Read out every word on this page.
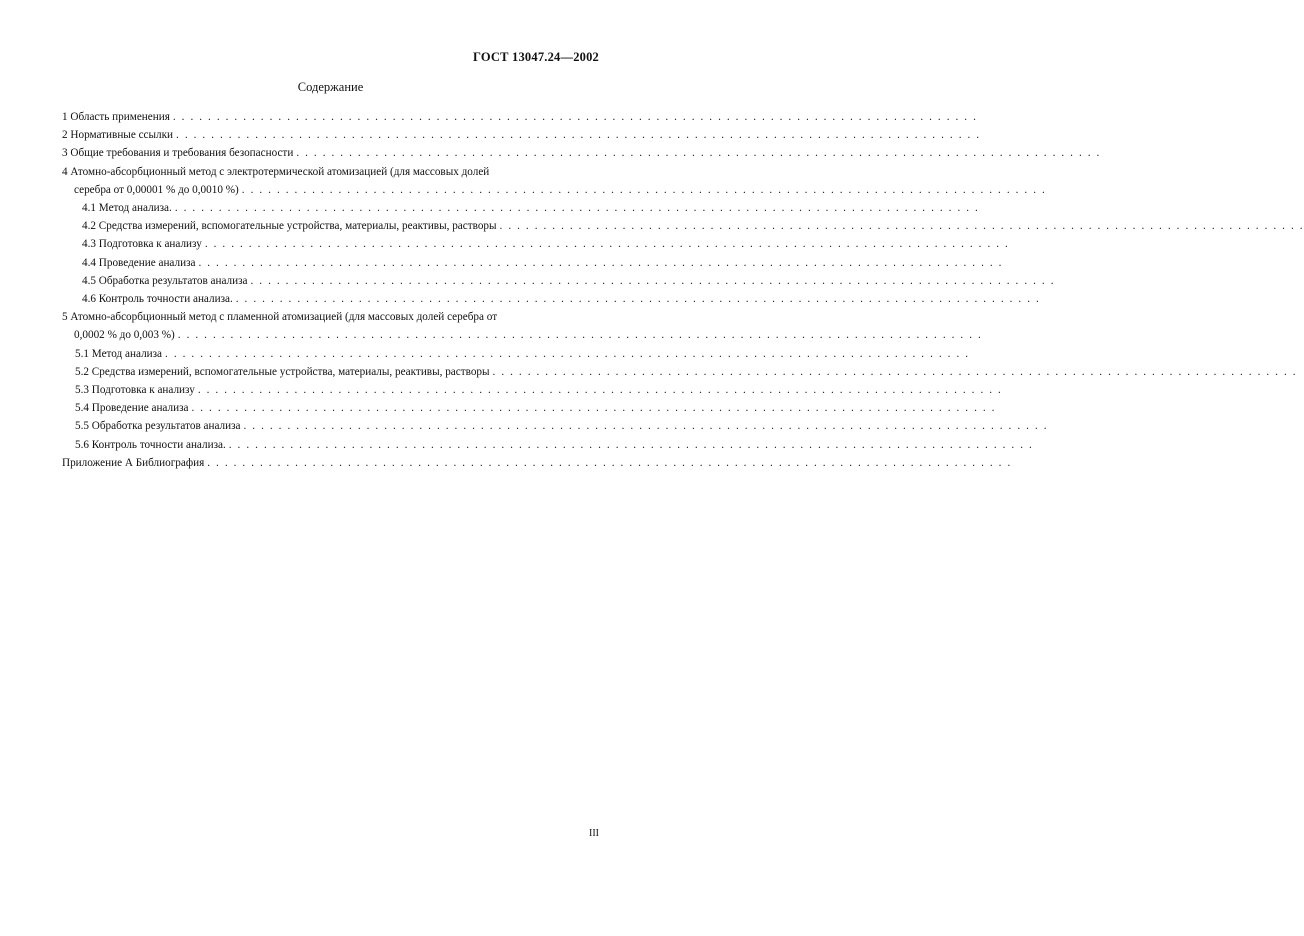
ГОСТ 13047.24—2002
Содержание
1 Область применения . . . . . . . . . . . . . . . . . . . . . . . . . . . . . . . . . . . . . . . . . . . . . . . . . . . . . . . . . . . . . . . . . . . . . . . . . . . . . . . . . . . . . . . . . . . .
2 Нормативные ссылки . . . . . . . . . . . . . . . . . . . . . . . . . . . . . . . . . . . . . . . . . . . . . . . . . . . . . . . . . . . . . . . . . . . . . . . . . . . . . . . . . . . . . . . . . . . .
3 Общие требования и требования безопасности . . . . . . . . . . . . . . . . . . . . . . . . . . . . . . . . . . . . . . . . . . . . . . . . . . . . . . . . . . . . . . . . . . . . . . . . . . . . . . . . . . . . . . . . . . . .
4 Атомно-абсорбционный метод с электротермической атомизацией (для массовых долей
серебра от 0,00001 % до 0,0010 %) . . . . . . . . . . . . . . . . . . . . . . . . . . . . . . . . . . . . . . . . . . . . . . . . . . . . . . . . . . . . . . . . . . . . . . . . . . . . . . . . . . . . . . . . . . . .
4.1 Метод анализа. . . . . . . . . . . . . . . . . . . . . . . . . . . . . . . . . . . . . . . . . . . . . . . . . . . . . . . . . . . . . . . . . . . . . . . . . . . . . . . . . . . . . . . . . . . . .
4.2 Средства измерений, вспомогательные устройства, материалы, реактивы, растворы . . . . . . . . . . . . . . . . . . . . . . . . . . . . . . . . . . . . . . . . . . . . . . . . . . . . . . . . . . . . . . . . . . . . . . . . . . . . . . . . . . . . . . . . . . . .
4.3 Подготовка к анализу . . . . . . . . . . . . . . . . . . . . . . . . . . . . . . . . . . . . . . . . . . . . . . . . . . . . . . . . . . . . . . . . . . . . . . . . . . . . . . . . . . . . . . . . . . . .
4.4 Проведение анализа . . . . . . . . . . . . . . . . . . . . . . . . . . . . . . . . . . . . . . . . . . . . . . . . . . . . . . . . . . . . . . . . . . . . . . . . . . . . . . . . . . . . . . . . . . . .
4.5 Обработка результатов анализа . . . . . . . . . . . . . . . . . . . . . . . . . . . . . . . . . . . . . . . . . . . . . . . . . . . . . . . . . . . . . . . . . . . . . . . . . . . . . . . . . . . . . . . . . . . .
4.6 Контроль точности анализа. . . . . . . . . . . . . . . . . . . . . . . . . . . . . . . . . . . . . . . . . . . . . . . . . . . . . . . . . . . . . . . . . . . . . . . . . . . . . . . . . . . . . . . . . . . . .
5 Атомно-абсорбционный метод с пламенной атомизацией (для массовых долей серебра от
0,0002 % до 0,003 %) . . . . . . . . . . . . . . . . . . . . . . . . . . . . . . . . . . . . . . . . . . . . . . . . . . . . . . . . . . . . . . . . . . . . . . . . . . . . . . . . . . . . . . . . . . . .
5.1 Метод анализа . . . . . . . . . . . . . . . . . . . . . . . . . . . . . . . . . . . . . . . . . . . . . . . . . . . . . . . . . . . . . . . . . . . . . . . . . . . . . . . . . . . . . . . . . . . .
5.2 Средства измерений, вспомогательные устройства, материалы, реактивы, растворы . . . . . . . . . . . . . . . . . . . . . . . . . . . . . . . . . . . . . . . . . . . . . . . . . . . . . . . . . . . . . . . . . . . . . . . . . . . . . . . . . . . . . . . . . . . .
5.3 Подготовка к анализу . . . . . . . . . . . . . . . . . . . . . . . . . . . . . . . . . . . . . . . . . . . . . . . . . . . . . . . . . . . . . . . . . . . . . . . . . . . . . . . . . . . . . . . . . . . .
5.4 Проведение анализа . . . . . . . . . . . . . . . . . . . . . . . . . . . . . . . . . . . . . . . . . . . . . . . . . . . . . . . . . . . . . . . . . . . . . . . . . . . . . . . . . . . . . . . . . . . .
5.5 Обработка результатов анализа . . . . . . . . . . . . . . . . . . . . . . . . . . . . . . . . . . . . . . . . . . . . . . . . . . . . . . . . . . . . . . . . . . . . . . . . . . . . . . . . . . . . . . . . . . . .
5.6 Контроль точности анализа. . . . . . . . . . . . . . . . . . . . . . . . . . . . . . . . . . . . . . . . . . . . . . . . . . . . . . . . . . . . . . . . . . . . . . . . . . . . . . . . . . . . . . . . . . . . .
Приложение А Библиография . . . . . . . . . . . . . . . . . . . . . . . . . . . . . . . . . . . . . . . . . . . . . . . . . . . . . . . . . . . . . . . . . . . . . . . . . . . . . . . . . . . . . . . . . . . .
III
